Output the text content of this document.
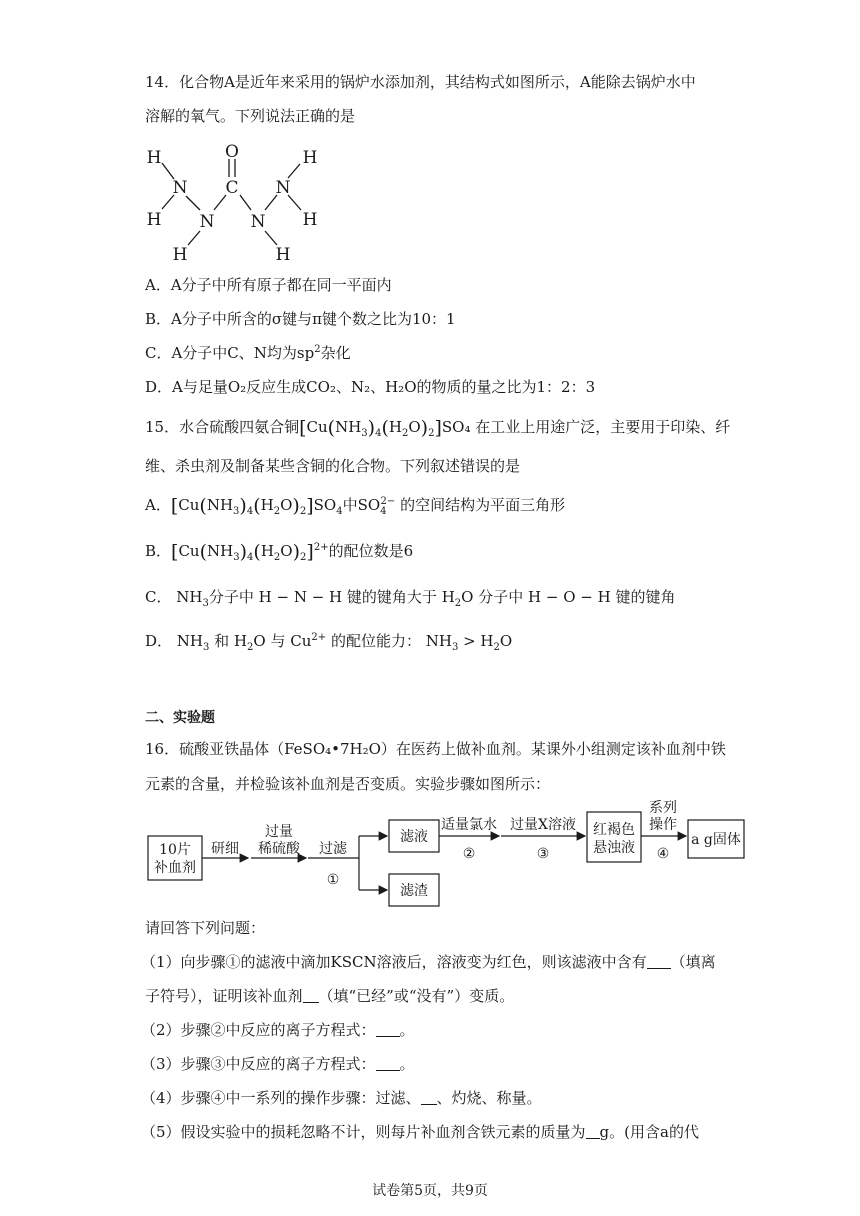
14．化合物A是近年来采用的锅炉水添加剂，其结构式如图所示，A能除去锅炉水中
溶解的氧气。下列说法正确的是
H
N
H N
H
O
C
N
H
N
H
H
A．A分子中所有原子都在同一平面内
B．A分子中所含的σ键与π键个数之比为10：1
C．A分子中C、N均为$sp^2$杂化
D．A与足量O₂反应生成CO₂、N₂、H₂O的物质的量之比为1：2：3
15．水合硫酸四氨合铜$[Cu(NH_3)_4(H_2O)_2]SO_4$ 在工业上用途广泛，主要用于印染、纤
维、杀虫剂及制备某些含铜的化合物。下列叙述错误的是
A．$[Cu(NH_3)_4(H_2O)_2]SO_4$中$SO_4^{2-}$ 的空间结构为平面三角形
B．$[Cu(NH_3)_4(H_2O)_2]^{2+}$的配位数是6
C． $NH_3$分子中 H − N − H 键的键角大于 $H_2O$ 分子中 H − O − H 键的键角
D． $NH_3$ 和 $H_2O$ 与 $Cu^{2+}$ 的配位能力： $NH_3 > H_2O$
二、实验题
16．硫酸亚铁晶体（FeSO₄•7H₂O）在医药上做补血剂。某课外小组测定该补血剂中铁
元素的含量，并检验该补血剂是否变质。实验步骤如图所示：
10片
补血剂
研细
过量
稀硫酸 过滤
①
滤液
滤渣
适量氯水
②
过量X溶液
③
红褐色
悬浊液
系列
操作
④
a g固体
请回答下列问题：
（1）向步骤①的滤液中滴加KSCN溶液后，溶液变为红色，则该滤液中含有 （填离
子符号），证明该补血剂 （填“已经”或“没有”）变质。
（2）步骤②中反应的离子方程式： 。
（3）步骤③中反应的离子方程式： 。
（4）步骤④中一系列的操作步骤：过滤、 、灼烧、称量。
（5）假设实验中的损耗忽略不计，则每片补血剂含铁元素的质量为 g。(用含a的代
试卷第5页，共9页
